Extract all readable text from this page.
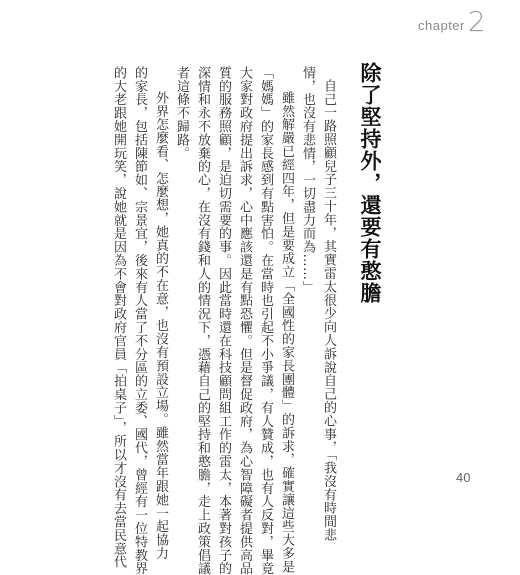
chapter 2
除了堅持外，還要有憨膽
自己一路照顧兒子三十年，其實雷太很少向人訴說自己的心事，「我沒有時間悲
情，也沒有悲情，一切盡力而為……」
雖然解嚴已經四年，但是要成立「全國性的家長團體」的訴求，確實讓這些大多是
「媽媽」的家長感到有點害怕。在當時也引起不小爭議，有人贊成，也有人反對，畢竟
大家對政府提出訴求，心中應該還是有點恐懼。但是督促政府，為心智障礙者提供高品
質的服務照顧，是迫切需要的事。因此當時還在科技顧問組工作的雷太，本著對孩子的
深情和永不放棄的心，在沒有錢和人的情況下，憑藉自己的堅持和憨膽，走上政策倡議
者這條不歸路。
外界怎麼看、怎麼想，她真的不在意，也沒有預設立場。雖然當年跟她一起協力
的家長，包括陳節如、宗景宜，後來有人當了不分區的立委、國代，曾經有一位特教界
的大老跟她開玩笑，說她就是因為不會對政府官員「拍桌子」，所以才沒有去當民意代	40
